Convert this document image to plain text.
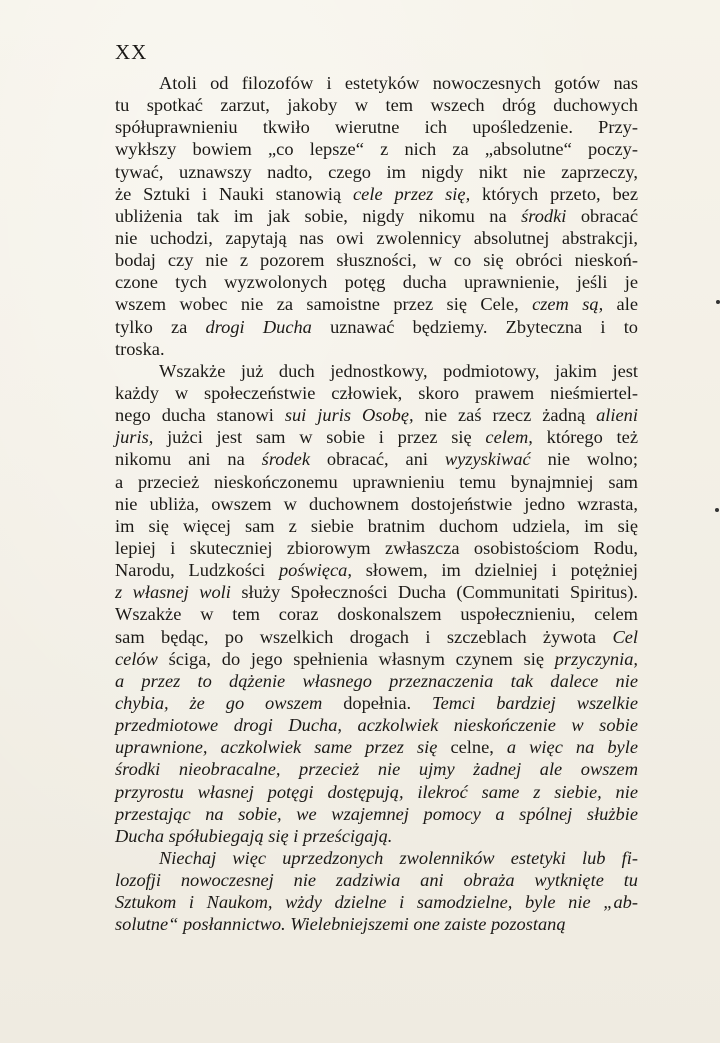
XX
Atoli od filozofów i estetyków nowoczesnych gotów nas
tu spotkać zarzut, jakoby w tem wszech dróg duchowych
spółuprawnieniu tkwiło wierutne ich upośledzenie. Przy-
wykłszy bowiem „co lepsze“ z nich za „absolutne“ poczy-
tywać, uznawszy nadto, czego im nigdy nikt nie zaprzeczy,
że Sztuki i Nauki stanowią cele przez się, których przeto, bez
ubliżenia tak im jak sobie, nigdy nikomu na środki obracać
nie uchodzi, zapytają nas owi zwolennicy absolutnej abstrakcji,
bodaj czy nie z pozorem słuszności, w co się obróci nieskoń-
czone tych wyzwolonych potęg ducha uprawnienie, jeśli je
wszem wobec nie za samoistne przez się Cele, czem są, ale
tylko za drogi Ducha uznawać będziemy. Zbyteczna i to
troska.
Wszakże już duch jednostkowy, podmiotowy, jakim jest
każdy w społeczeństwie człowiek, skoro prawem nieśmiertel-
nego ducha stanowi sui juris Osobę, nie zaś rzecz żadną alieni
juris, jużci jest sam w sobie i przez się celem, którego też
nikomu ani na środek obracać, ani wyzyskiwać nie wolno;
a przecież nieskończonemu uprawnieniu temu bynajmniej sam
nie ubliża, owszem w duchownem dostojeństwie jedno wzrasta,
im się więcej sam z siebie bratnim duchom udziela, im się
lepiej i skuteczniej zbiorowym zwłaszcza osobistościom Rodu,
Narodu, Ludzkości poświęca, słowem, im dzielniej i potężniej
z własnej woli służy Społeczności Ducha (Communitati Spiritus).
Wszakże w tem coraz doskonalszem uspołecznieniu, celem
sam będąc, po wszelkich drogach i szczeblach żywota Cel
celów ściga, do jego spełnienia własnym czynem się przyczynia,
a przez to dążenie własnego przeznaczenia tak dalece nie
chybia, że go owszem dopełnia. Temci bardziej wszelkie
przedmiotowe drogi Ducha, aczkolwiek nieskończenie w sobie
uprawnione, aczkolwiek same przez się celne, a więc na byle
środki nieobracalne, przecież nie ujmy żadnej ale owszem
przyrostu własnej potęgi dostępują, ilekroć same z siebie, nie
przestając na sobie, we wzajemnej pomocy a spólnej służbie
Ducha spółubiegają się i prześcigają.
Niechaj więc uprzedzonych zwolenników estetyki lub fi-
lozofji nowoczesnej nie zadziwia ani obraża wytknięte tu
Sztukom i Naukom, wżdy dzielne i samodzielne, byle nie „ab-
solutne“ posłannictwo. Wielebniejszemi one zaiste pozostaną
